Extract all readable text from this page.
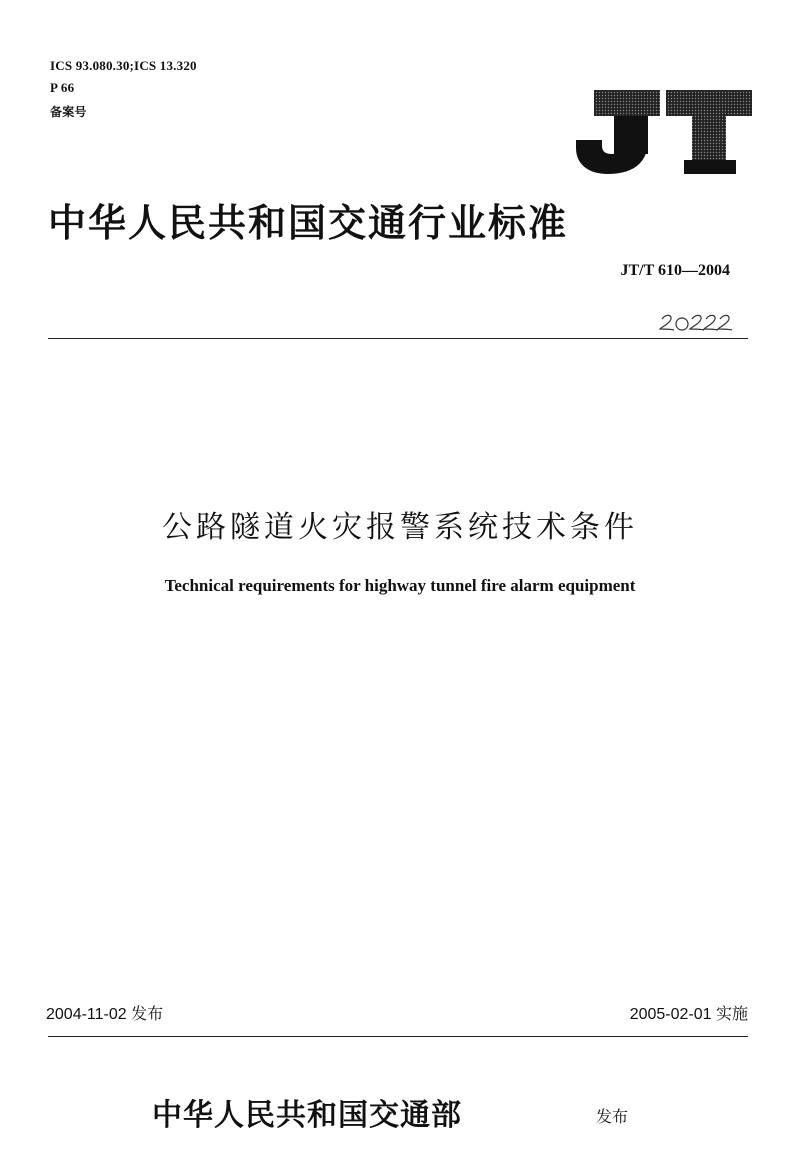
ICS 93.080.30;ICS 13.320
P 66
备案号
中华人民共和国交通行业标准
JT/T 610—2004
公路隧道火灾报警系统技术条件
Technical requirements for highway tunnel fire alarm equipment
2004-11-02 发布	2005-02-01 实施
中华人民共和国交通部	发布
